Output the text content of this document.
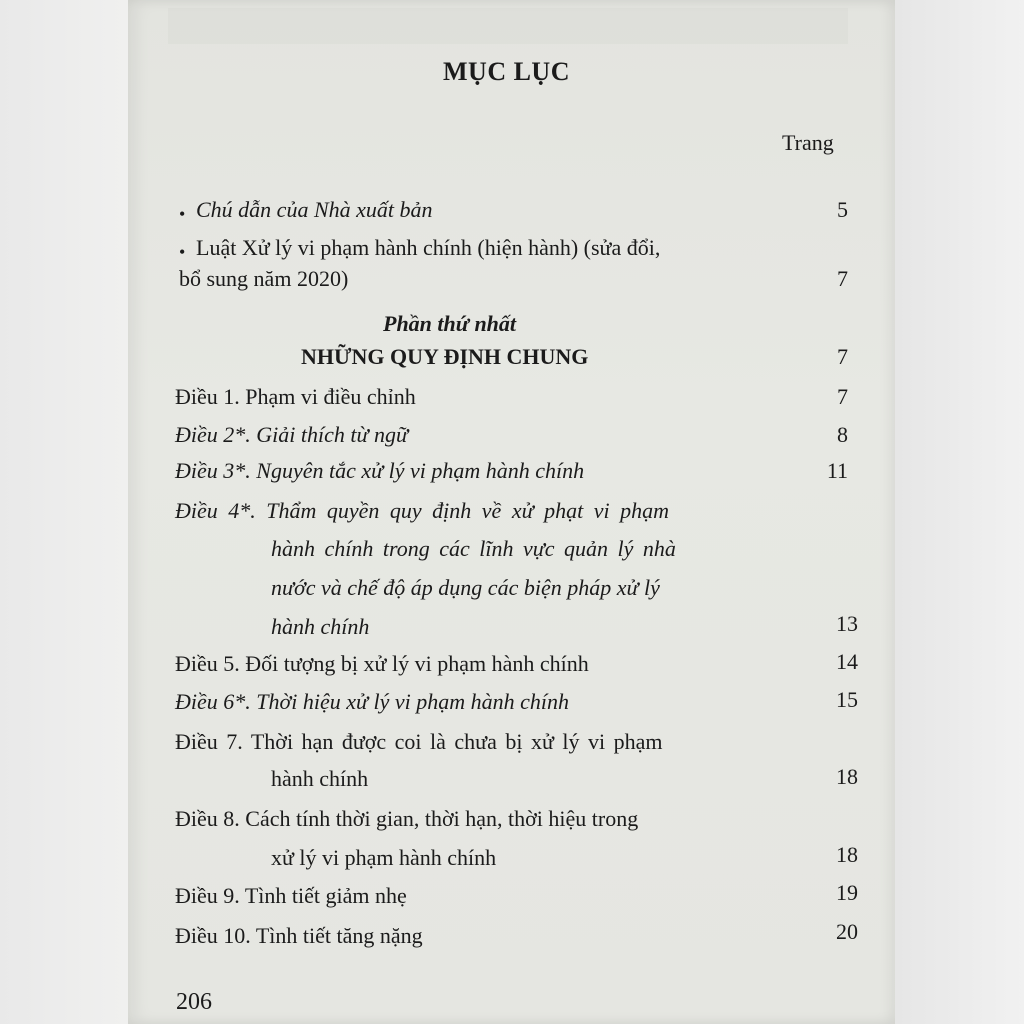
MỤC LỤC
Trang
• Chú dẫn của Nhà xuất bản	5
• Luật Xử lý vi phạm hành chính (hiện hành) (sửa đổi,
bổ sung năm 2020)	7
Phần thứ nhất
NHỮNG QUY ĐỊNH CHUNG	7
Điều 1. Phạm vi điều chỉnh	7
Điều 2*. Giải thích từ ngữ	8
Điều 3*. Nguyên tắc xử lý vi phạm hành chính	11
Điều 4*. Thẩm quyền quy định về xử phạt vi phạm
hành chính trong các lĩnh vực quản lý nhà
nước và chế độ áp dụng các biện pháp xử lý
hành chính	13
Điều 5. Đối tượng bị xử lý vi phạm hành chính	14
Điều 6*. Thời hiệu xử lý vi phạm hành chính	15
Điều 7. Thời hạn được coi là chưa bị xử lý vi phạm
hành chính	18
Điều 8. Cách tính thời gian, thời hạn, thời hiệu trong
xử lý vi phạm hành chính	18
Điều 9. Tình tiết giảm nhẹ	19
Điều 10. Tình tiết tăng nặng	20
206
